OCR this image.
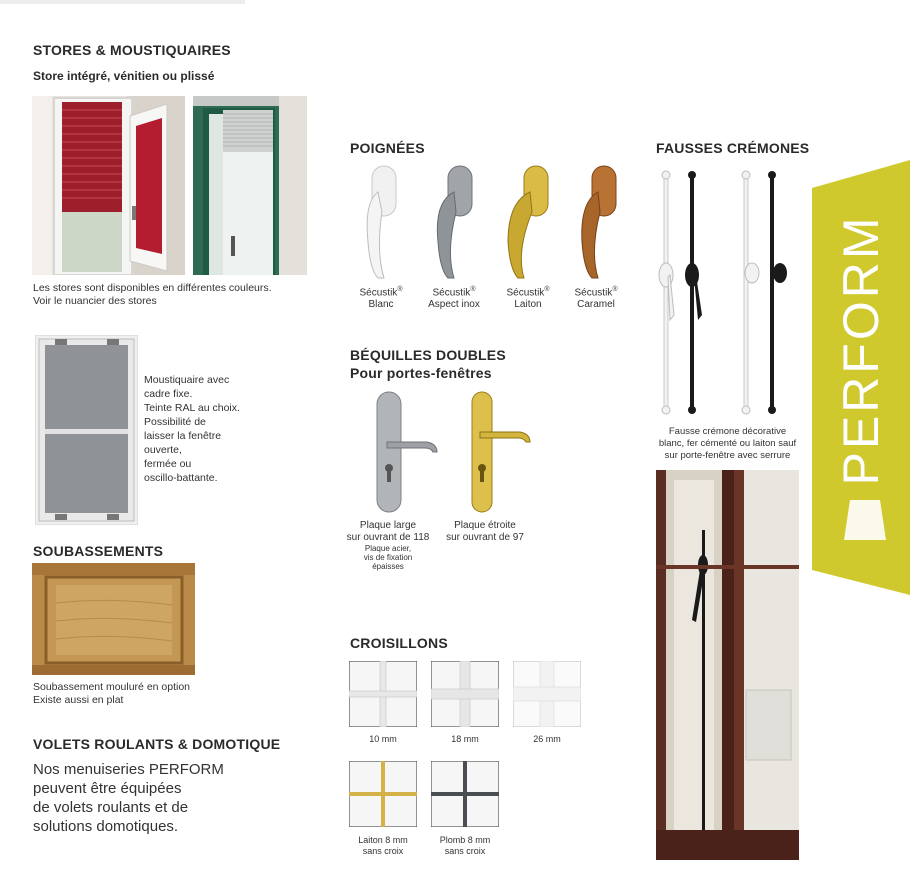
STORES & MOUSTIQUAIRES
Store intégré, vénitien ou plissé
Les stores sont disponibles en différentes couleurs.
Voir le nuancier des stores
Moustiquaire avec
cadre fixe.
Teinte RAL au choix.
Possibilité de
laisser la fenêtre
ouverte,
fermée ou
oscillo-battante.
SOUBASSEMENTS
Soubassement mouluré en option
Existe aussi en plat
VOLETS ROULANTS & DOMOTIQUE
Nos menuiseries PERFORM
peuvent être équipées
de volets roulants et de
solutions domotiques.
POIGNÉES
Sécustik®
Blanc
Sécustik®
Aspect inox
Sécustik®
Laiton
Sécustik®
Caramel
BÉQUILLES DOUBLES
Pour portes-fenêtres
Plaque large
sur ouvrant de 118
Plaque acier,
vis de fixation
épaisses
Plaque étroite
sur ouvrant de 97
CROISILLONS
10 mm	18 mm	26 mm
Laiton 8 mm
sans croix
Plomb 8 mm
sans croix
FAUSSES CRÉMONES
Fausse crémone décorative
blanc, fer cémenté ou laiton sauf
sur porte-fenêtre avec serrure PERFORM
